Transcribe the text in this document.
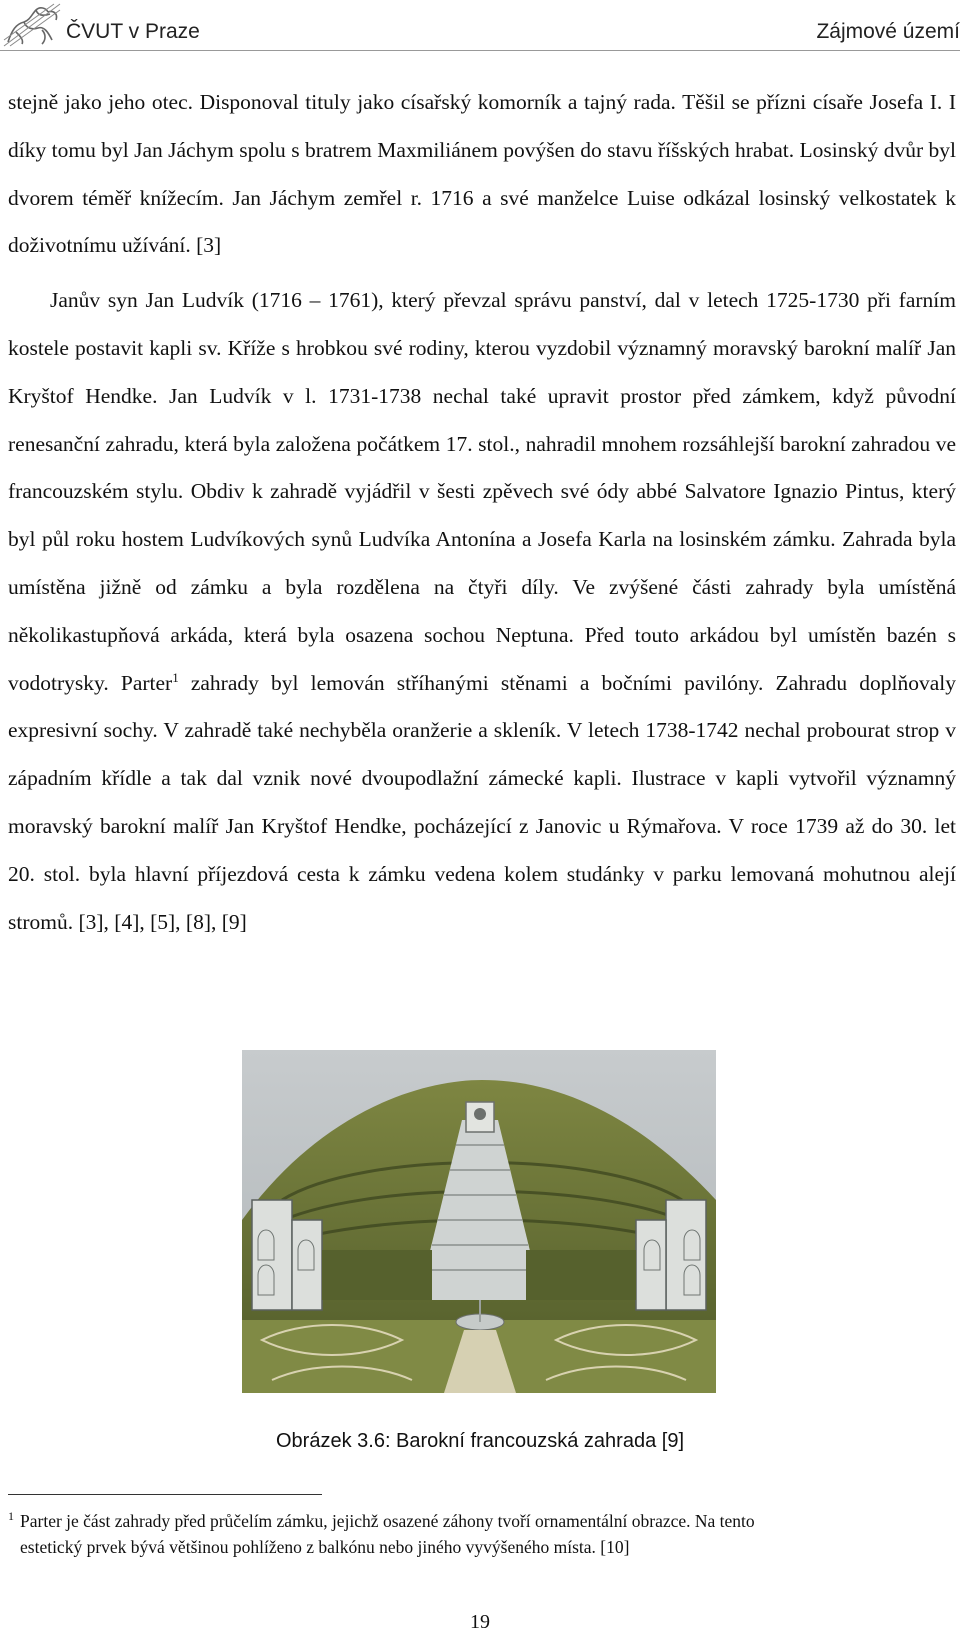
ČVUT v Praze	Zájmové území

stejně jako jeho otec. Disponoval tituly jako císařský komorník a tajný rada. Těšil se přízni císaře Josefa I. I díky tomu byl Jan Jáchym spolu s bratrem Maxmiliánem povýšen do stavu říšských hrabat. Losinský dvůr byl dvorem téměř knížecím. Jan Jáchym zemřel r. 1716 a své manželce Luise odkázal losinský velkostatek k doživotnímu užívání. [3]

Janův syn Jan Ludvík (1716 – 1761), který převzal správu panství, dal v letech 1725-1730 při farním kostele postavit kapli sv. Kříže s hrobkou své rodiny, kterou vyzdobil významný moravský barokní malíř Jan Kryštof Hendke. Jan Ludvík v l. 1731-1738 nechal také upravit prostor před zámkem, když původní renesanční zahradu, která byla založena počátkem 17. stol., nahradil mnohem rozsáhlejší barokní zahradou ve francouzském stylu. Obdiv k zahradě vyjádřil v šesti zpěvech své ódy abbé Salvatore Ignazio Pintus, který byl půl roku hostem Ludvíkových synů Ludvíka Antonína a Josefa Karla na losinském zámku. Zahrada byla umístěna jižně od zámku a byla rozdělena na čtyři díly. Ve zvýšené části zahrady byla umístěná několikastupňová arkáda, která byla osazena sochou Neptuna. Před touto arkádou byl umístěn bazén s vodotrysky. Parter$^1$ zahrady byl lemován stříhanými stěnami a bočními pavilóny. Zahradu doplňovaly expresivní sochy. V zahradě také nechyběla oranžerie a skleník. V letech 1738-1742 nechal probourat strop v západním křídle a tak dal vznik nové dvoupodlažní zámecké kapli. Ilustrace v kapli vytvořil významný moravský barokní malíř Jan Kryštof Hendke, pocházející z Janovic u Rýmařova. V roce 1739 až do 30. let 20. stol. byla hlavní příjezdová cesta k zámku vedena kolem studánky v parku lemovaná mohutnou alejí stromů. [3], [4], [5], [8], [9]

Obrázek 3.6: Barokní francouzská zahrada [9]
$^1$ Parter je část zahrady před průčelím zámku, jejichž osazené záhony tvoří ornamentální obrazce. Na tento
estetický prvek bývá většinou pohlíženo z balkónu nebo jiného vyvýšeného místa. [10]
19
